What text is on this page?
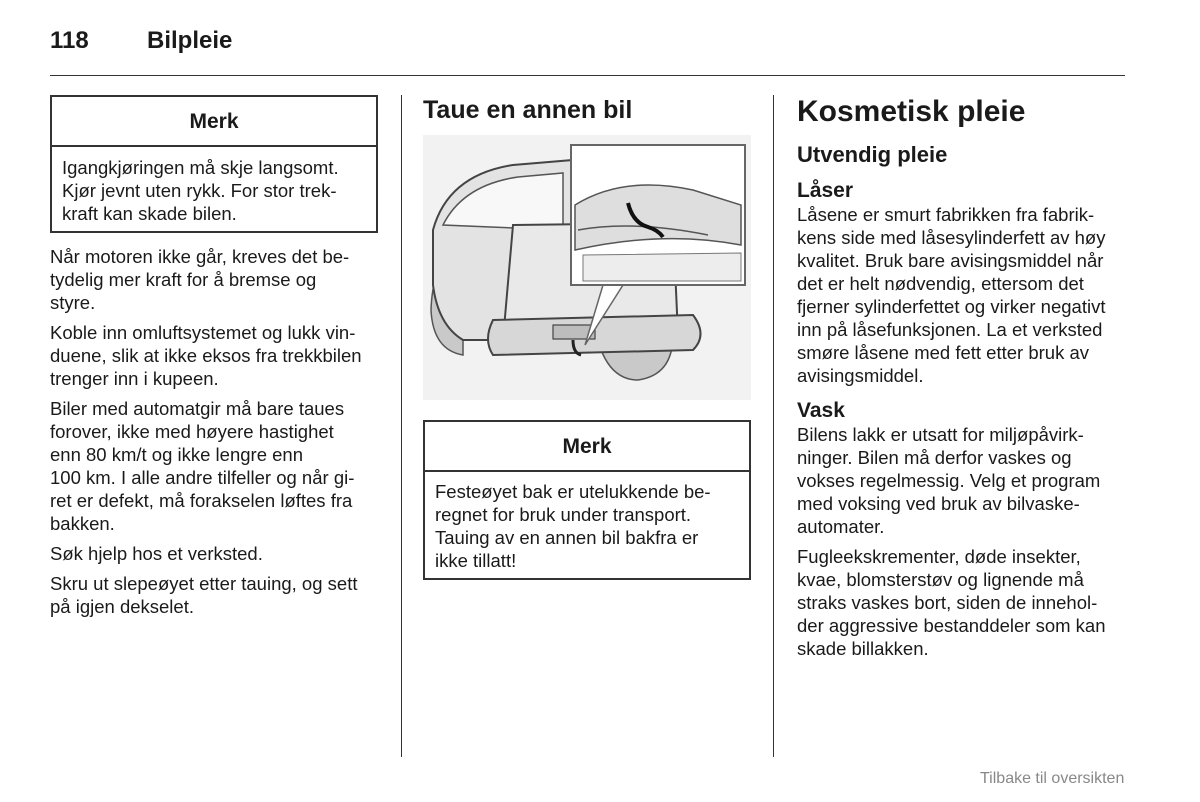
118 Bilpleie
Merk
Igangkjøringen må skje langsomt.
Kjør jevnt uten rykk. For stor trek-
kraft kan skade bilen.

Når motoren ikke går, kreves det be-
tydelig mer kraft for å bremse og
styre.

Koble inn omluftsystemet og lukk vin-
duene, slik at ikke eksos fra trekkbilen
trenger inn i kupeen.

Biler med automatgir må bare taues
forover, ikke med høyere hastighet
enn 80 km/t og ikke lengre enn
100 km. I alle andre tilfeller og når gi-
ret er defekt, må forakselen løftes fra
bakken.

Søk hjelp hos et verksted.

Skru ut slepeøyet etter tauing, og sett
på igjen dekselet.

Taue en annen bil
Merk
Festeøyet bak er utelukkende be-
regnet for bruk under transport.
Tauing av en annen bil bakfra er
ikke tillatt!
Kosmetisk pleie
Utvendig pleie
Låser

Låsene er smurt fabrikken fra fabrik-
kens side med låsesylinderfett av høy
kvalitet. Bruk bare avisingsmiddel når
det er helt nødvendig, ettersom det
fjerner sylinderfettet og virker negativt
inn på låsefunksjonen. La et verksted
smøre låsene med fett etter bruk av
avisingsmiddel.

Vask

Bilens lakk er utsatt for miljøpåvirk-
ninger. Bilen må derfor vaskes og
vokses regelmessig. Velg et program
med voksing ved bruk av bilvaske-
automater.

Fugleekskrementer, døde insekter,
kvae, blomsterstøv og lignende må
straks vaskes bort, siden de innehol-
der aggressive bestanddeler som kan
skade billakken.

Tilbake til oversikten
